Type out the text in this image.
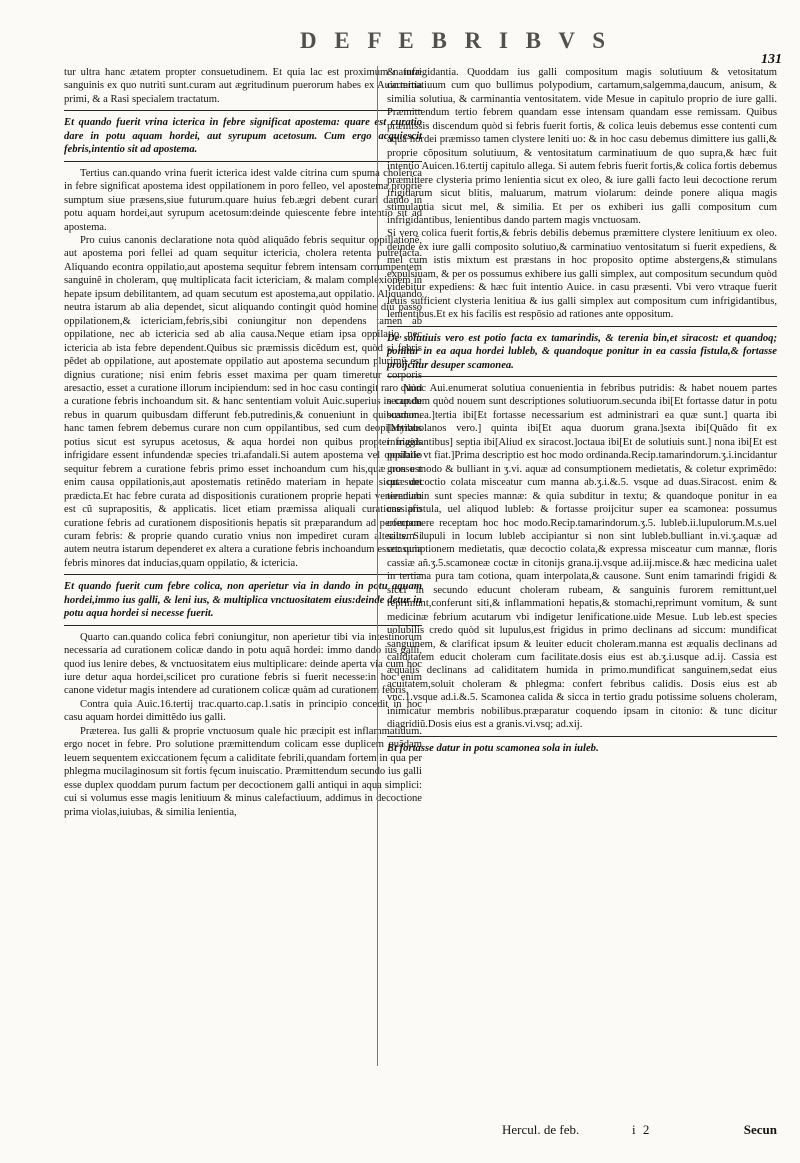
D E F E B R I B V S
131

tur ultra hanc ætatem propter consuetudinem. Et quia lac est proximum naturæ sanguinis ex quo nutriti sunt.curam aut ægritudinum puerorum habes ex Auic.tertia primi, & a Rasi specialem tractatum.

Et quando fuerit vrina icterica in febre significat apostema: quare est curatio dare in potu aquam hordei, aut syrupum acetosum. Cum ergo acquiescit febris,intentio sit ad apostema.

Tertius can.quando vrina fuerit icterica idest valde citrina cum spuma cholerica in febre significat apostema idest oppilationem in poro felleo, vel apostema proprie sumptum siue præsens,siue futurum.quare huius feb.ægri debent curari dando in potu aquam hordei,aut syrupum acetosum:deinde quiescente febre intentio sit ad apostema.

Pro cuius canonis declaratione nota quòd aliquãdo febris sequitur oppillationẽ, aut apostema pori fellei ad quam sequitur ictericia, cholera retenta putrefacta. Aliquando econtra oppilatio,aut apostema sequitur febrem intensam corrumpentem sanguinẽ in choleram, quę multiplicata facit ictericiam, & malam complexionem in hepate ipsum debilitantem, ad quam secutum est apostema,aut oppilatio. Aliquando neutra istarum ab alia dependet, sicut aliquando contingit quòd homine diu passo oppilationem,& ictericiam,febris,sibi coniungitur non dependens tamen ab oppilatione, nec ab ictericia sed ab alia causa.Neque etiam ipsa oppilatio, nec ictericia ab ista febre dependent.Quibus sic præmissis dicẽdum est, quòd si febris pẽdet ab oppilatione, aut apostemate oppilatio aut apostema secundum plurimũ est dignius curatione; nisi enim febris esset maxima per quam timeretur corporis aresactio, esset a curatione illorum incipiendum: sed in hoc casu contingit raro quòd a curatione febris inchoandum sit. & hanc sententiam voluit Auic.superius in cap.de rebus in quarum quibusdam differunt feb.putredinis,& conueniunt in quibusdam. hanc tamen febrem debemus curare non cum oppilantibus, sed cum deopilantibus potius sicut est syrupus acetosus, & aqua hordei non quibus propter magis infrigidare essent infundendæ species tri.afandali.Si autem apostema vel oppilatio sequitur febrem a curatione febris primo esset inchoandum cum his,quæ non est enim causa oppilationis,aut apostematis retinẽdo materiam in hepate sicut sunt prædicta.Et hac febre curata ad dispositionis curationem proprie hepati veniendum est cũ suprapositis, & applicatis. licet etiam præmissa aliquali curatione pro curatione febris ad curationem dispositionis hepatis sit præparandum ad perfectam curam febris: & proprie quando curatio vnius non impediret curam alterius. Si autem neutra istarum dependeret ex altera a curatione febris inchoandum esset: quia febris minores dat inducias,quam oppilatio, & ictericia.

Et quando fuerit cum febre colica, non aperietur via in dando in potu aquam hordei,immo ius galli, & leni ius, & multiplica vnctuositatem eius:deinde detur in potu aqua hordei si necesse fuerit.

Quarto can.quando colica febri coniungitur, non aperietur tibi via intestinorum necessaria ad curationem colicæ dando in potu aquã hordei: immo dando ius galli, quod ius lenire debes, & vnctuositatem eius multiplicare: deinde aperta via cum hoc iure detur aqua hordei,scilicet pro curatione febris si fuerit necesse:in hoc enim canone videtur magis intendere ad curationem colicæ quàm ad curationem febris.

Contra quia Auic.16.tertij trac.quarto.cap.1.satis in principio concedit in hoc casu aquam hordei dimittẽdo ius galli.

Præterea. Ius galli & proprie vnctuosum quale hic præcipit est inflammatiuum. ergo nocet in febre. Pro solutione præmittendum colicam esse duplicem quãdam leuem sequentem exiccationem fęcum a caliditate febrili,quandam fortem in qua per phlegma mucilaginosum sit fortis fęcum inuiscatio. Præmittendum secundo ius galli esse duplex quoddam purum factum per decoctionem galli antiqui in aqua simplici: cui si volumus esse magis lenitiuum & minus calefactiuum, addimus in decoctione prima violas,iuiubas, & similia lenientia,

& infrigidantia. Quoddam ius galli compositum magis solutiuum & vetositatum carminatiuum cum quo bullimus polypodium, cartamum,salgemma,daucum, anisum, & similia solutiua, & carminantia ventositatem. vide Mesue in capitulo proprio de iure galli. Præmittendum tertio febrem quandam esse intensam quandam esse remissam. Quibus præmissis discendum quòd si febris fuerit fortis, & colica leuis debemus esse contenti cum aqua hordei præmisso tamen clystere leniti uo: & in hoc casu debemus dimittere ius galli,& proprie cõpositum solutiuum, & ventositatum carminatiuum de quo supra,& hæc fuit intentio Auicen.16.tertij capitulo allega. Si autem febris fuerit fortis,& colica fortis debemus præmittere clysteria primo lenientia sicut ex oleo, & iure galli facto leui decoctione rerum frigidarum sicut blitis, maluarum, matrum violarum: deinde ponere aliqua magis stimulantia sicut mel, & similia. Et per os exhiberi ius galli compositum cum infrigidantibus, lenientibus dando partem magis vnctuosam.

Si vero colica fuerit fortis,& febris debilis debemus præmittere clystere lenitiuum ex oleo. deinde ex iure galli composito solutiuo,& carminatiuo ventositatum si fuerit expediens, & mel cum istis mixtum est præstans in hoc proposito optime abstergens,& stimulans expulsiuam, & per os possumus exhibere ius galli simplex, aut compositum secundum quòd videbitur expediens: & hæc fuit intentio Auice. in casu præsenti. Vbi vero vtraque fuerit leuis sufficient clysteria lenitiua & ius galli simplex aut compositum cum infrigidantibus, lenientibus.Et ex his facilis est respõsio ad rationes ante oppositum.

De solutiuis vero est potio facta ex tamarindis, & terenia bin,et siracost: et quandoq; ponitur in ea aqua hordei lubleb, & quandoque ponitur in ea cassia fistula,& fortasse proijcitur desuper scamonea.

Nunc Aui.enumerat solutiua conuenientia in febribus putridis: & habet nouem partes secundum quòd nouem sunt descriptiones solutiuorum.secunda ibi[Et fortasse datur in potu scamonea.]tertia ibi[Et fortasse necessarium est administrari ea quæ sunt.] quarta ibi [Myrabolanos vero.] quinta ibi[Et aqua duorum grana.]sexta ibi[Quãdo fit ex infrigidantibus] septia ibi[Aliud ex siracost.]octaua ibi[Et de solutiuis sunt.] nona ibi[Et est posibile vt fiat.]Prima descriptio est hoc modo ordinanda.Recip.tamarindorum.ʒ.i.incidantur grosso modo & bulliant in ʒ.vi. aquæ ad consumptionem medietatis, & coletur exprimẽdo: quæ decoctio colata misceatur cum manna ab.ʒ.i.&.5. vsque ad duas.Siracost. enim & tereniabin sunt species mannæ: & quia subditur in textu; & quandoque ponitur in ea cassiafistula, uel aliquod lubleb: & fortasse proijcitur super ea scamonea: possumus componere receptam hoc hoc modo.Recip.tamarindorum.ʒ.5. lubleb.ii.lupulorum.M.s.uel saltem lupuli in locum lubleb accipiantur si non sint lubleb.bulliant in.vi.ʒ.aquæ ad consumptionem medietatis, quæ decoctio colata,& expressa misceatur cum mannæ, floris cassiæ añ.ʒ.5.scamoneæ coctæ in citonijs grana.ij.vsque ad.iij.misce.& hæc medicina ualet in tertiana pura tam cotiona, quam interpolata,& causone. Sunt enim tamarindi frigidi & sicci in secundo educunt choleram rubeam, & sanguinis furorem remittunt,uel reprimunt,conferunt siti,& inflammationi hepatis,& stomachi,reprimunt vomitum, & sunt medicinæ febrium acutarum vbi indigetur lenificatione.uide Mesue. Lub leb.est species uolubilis credo quòd sit lupulus,est frigidus in primo declinans ad siccum: mundificat sanguinem, & clarificat ipsum & leuiter educit choleram.manna est æqualis declinans ad caliditatem educit choleram cum facilitate.dosis eius est ab.ʒ.i.usque ad.ij. Cassia est æqualis declinans ad caliditatem humida in primo.mundificat sanguinem,sedat eius acuitatem,soluit choleram & phlegma: confert febribus calidis. Dosis eius est ab vnc.1.vsque ad.i.&.5. Scamonea calida & sicca in tertio gradu potissime soluens choleram, inimicatur membris nobilibus.præparatur coquendo ipsam in citonio: & tunc dicitur diagridiũ.Dosis eius est a granis.vi.vsq; ad.xij.

Et fortasse datur in potu scamonea sola in iuleb.

Hercul. de feb.	i 2	Secun
